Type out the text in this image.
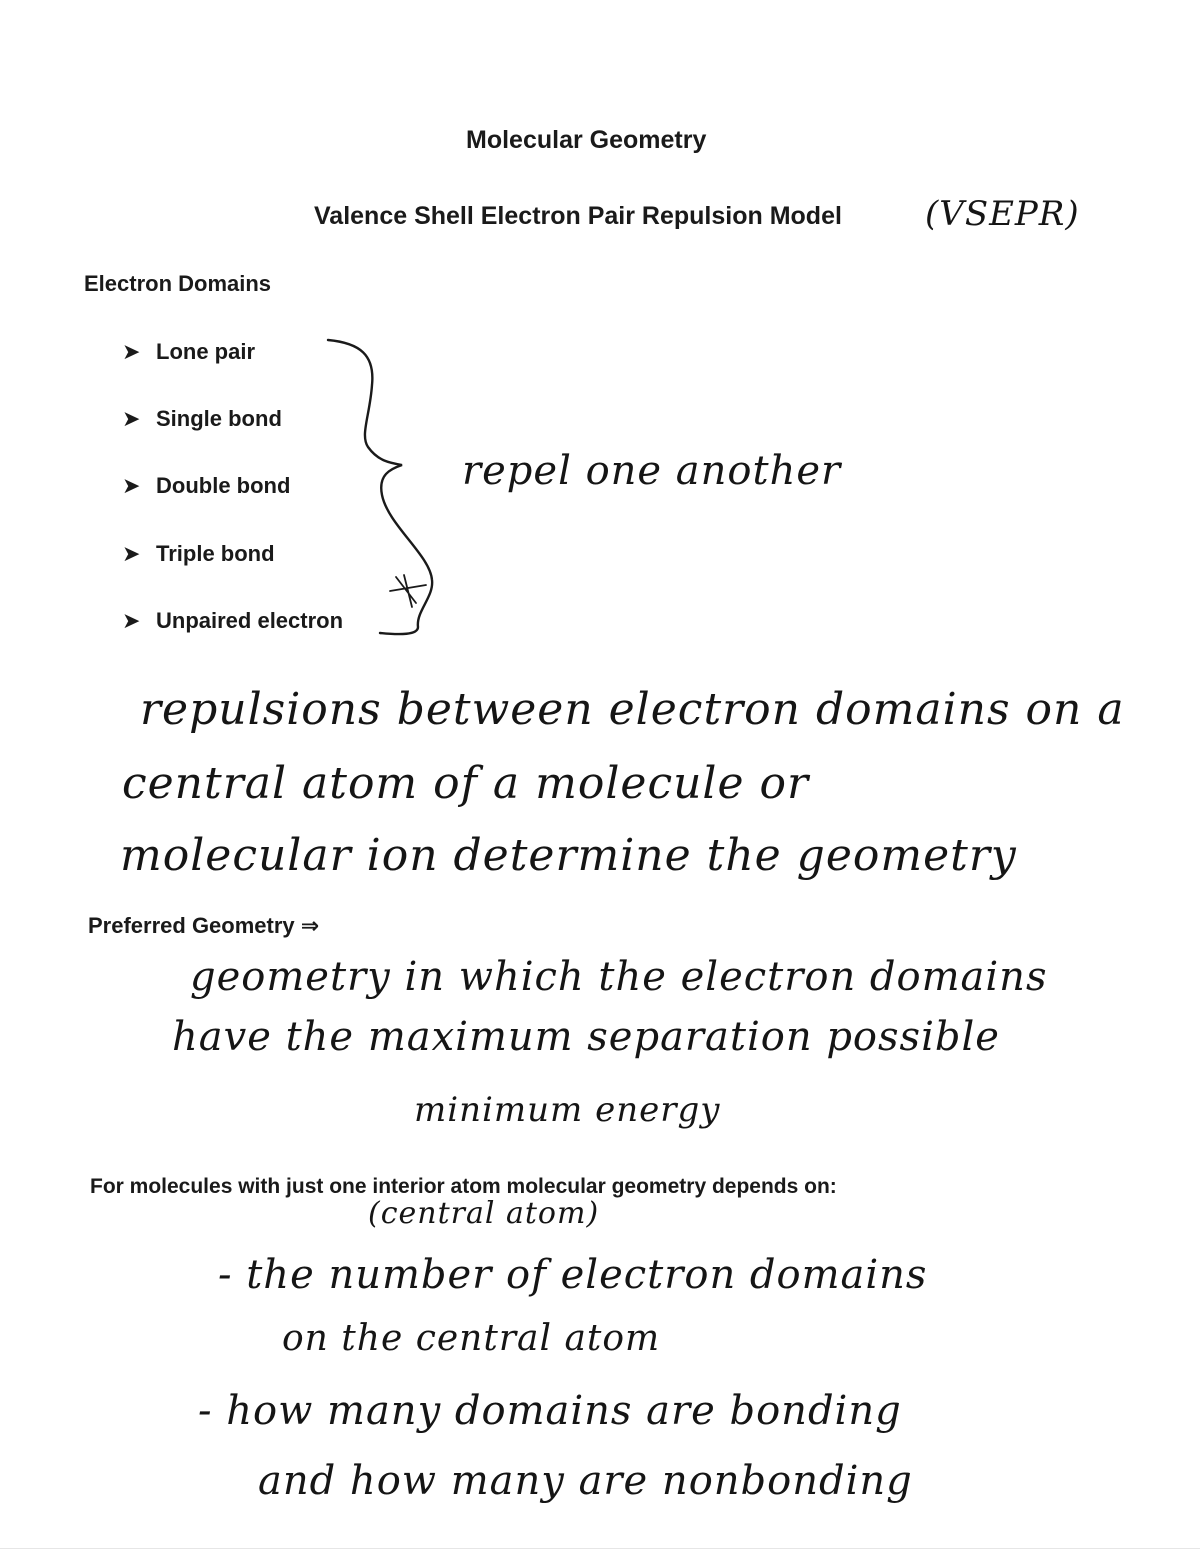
Molecular Geometry
Valence Shell Electron Pair Repulsion Model (VSEPR)
Electron Domains
➤ Lone pair
➤ Single bond
➤ Double bond
➤ Triple bond
➤ Unpaired electron
repel one another
repulsions between electron domains on a
central atom of a molecule or
molecular ion determine the geometry
Preferred Geometry ⇒
geometry in which the electron domains
have the maximum separation possible
minimum energy
For molecules with just one interior atom molecular geometry depends on:
(central atom)
- the number of electron domains
on the central atom
- how many domains are bonding
and how many are nonbonding
